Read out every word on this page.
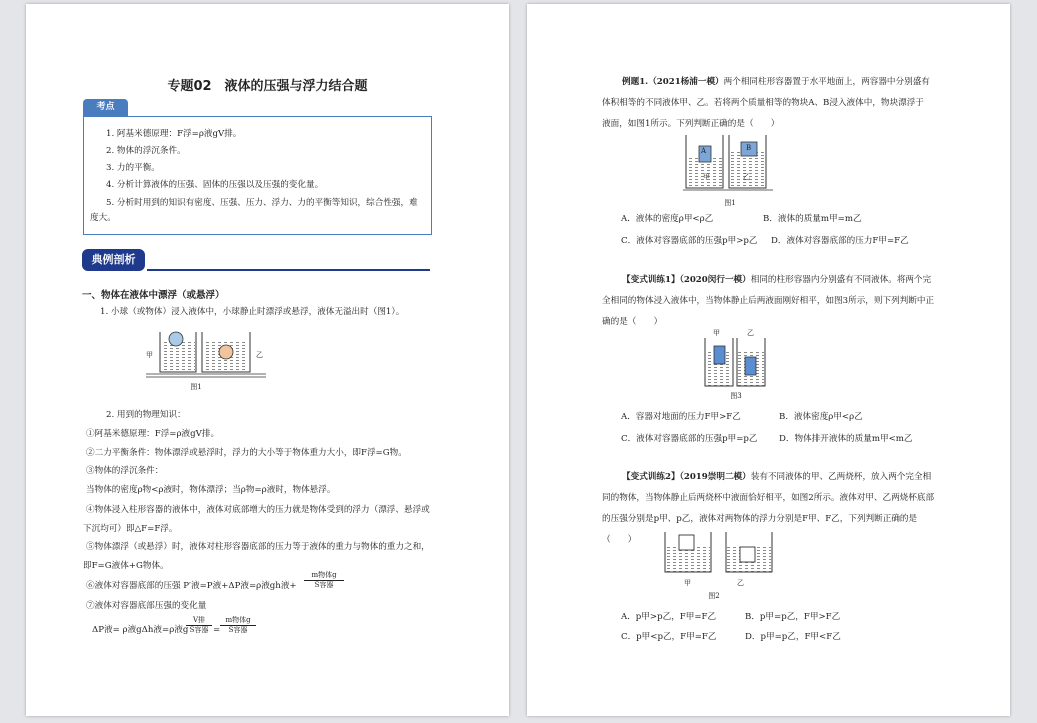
专题02　液体的压强与浮力结合题
考点
1. 阿基米德原理：F浮=ρ液gV排。
2. 物体的浮沉条件。
3. 力的平衡。
4. 分析计算液体的压强、固体的压强以及压强的变化量。
5. 分析时用到的知识有密度、压强、压力、浮力、力的平衡等知识，综合性强，难度大。
典例剖析
一、物体在液体中漂浮（或悬浮）
1. 小球（或物体）浸入液体中，小球静止时漂浮或悬浮，液体无溢出时（图1）。
甲	乙
图1
2. 用到的物理知识：
①阿基米德原理：F浮=ρ液gV排。
②二力平衡条件：物体漂浮或悬浮时，浮力的大小等于物体重力大小，即F浮=G物。
③物体的浮沉条件：
当物体的密度ρ物<ρ液时，物体漂浮；当ρ物=ρ液时，物体悬浮。
④物体浸入柱形容器的液体中，液体对底部增大的压力就是物体受到的浮力（漂浮、悬浮或下沉均可）即△F=F浮。
⑤物体漂浮（或悬浮）时，液体对柱形容器底部的压力等于液体的重力与物体的重力之和，即F=G液体+G物体。
⑥液体对容器底部的压强 P′液=P液+ΔP液=ρ液gh液+
m物体g
S容器
⑦液体对容器底部压强的变化量
ΔP液= ρ液gΔh液=ρ液g
V排
S容器 =
m物体g
S容器
例题1.（2021杨浦一模）两个相同柱形容器置于水平地面上，两容器中分别盛有体积相等的不同液体甲、乙。若将两个质量相等的物块A、B浸入液体中，物块漂浮于液面，如图1所示。下列判断正确的是（　　）
A	B
甲	乙
图1
A．液体的密度ρ甲<ρ乙	B．液体的质量m甲=m乙
C．液体对容器底部的压强p甲>p乙 D．液体对容器底部的压力F甲=F乙
【变式训练1】（2020闵行一模）相同的柱形容器内分别盛有不同液体。将两个完全相同的物体浸入液体中，当物体静止后两液面刚好相平，如图3所示，则下列判断中正确的是（　　）
甲	乙
图3
A．容器对地面的压力F甲>F乙	B．液体密度ρ甲<ρ乙
C．液体对容器底部的压强p甲=p乙	D．物体排开液体的质量m甲<m乙
【变式训练2】（2019崇明二模）装有不同液体的甲、乙两烧杯，放入两个完全相同的物体，当物体静止后两烧杯中液面恰好相平，如图2所示。液体对甲、乙两烧杯底部的压强分别是p甲、p乙，液体对两物体的浮力分别是F甲、F乙，下列判断正确的是（　　）
甲	乙
图2
A．p甲>p乙，F甲=F乙	B．p甲=p乙，F甲>F乙
C．p甲<p乙，F甲=F乙	D．p甲=p乙，F甲<F乙
